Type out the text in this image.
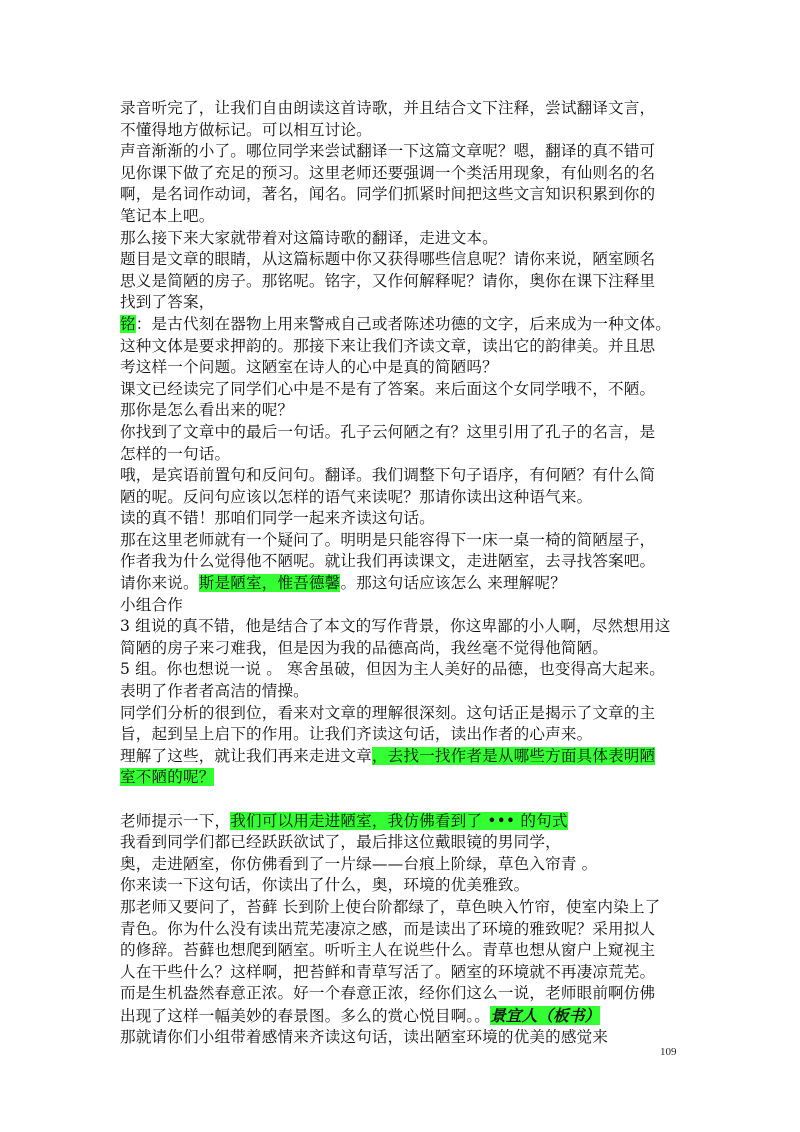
录音听完了，让我们自由朗读这首诗歌，并且结合文下注释，尝试翻译文言，
不懂得地方做标记。可以相互讨论。
声音渐渐的小了。哪位同学来尝试翻译一下这篇文章呢？嗯，翻译的真不错可
见你课下做了充足的预习。这里老师还要强调一个类活用现象，有仙则名的名
啊，是名词作动词，著名，闻名。同学们抓紧时间把这些文言知识积累到你的
笔记本上吧。
那么接下来大家就带着对这篇诗歌的翻译，走进文本。
题目是文章的眼睛，从这篇标题中你又获得哪些信息呢？请你来说，陋室顾名
思义是简陋的房子。那铭呢。铭字，又作何解释呢？请你，奥你在课下注释里
找到了答案，
铭：是古代刻在器物上用来警戒自己或者陈述功德的文字，后来成为一种文体。
这种文体是要求押韵的。那接下来让我们齐读文章，读出它的韵律美。并且思
考这样一个问题。这陋室在诗人的心中是真的简陋吗？
课文已经读完了同学们心中是不是有了答案。来后面这个女同学哦不，不陋。
那你是怎么看出来的呢？
你找到了文章中的最后一句话。孔子云何陋之有？这里引用了孔子的名言，是
怎样的一句话。
哦，是宾语前置句和反问句。翻译。我们调整下句子语序，有何陋？有什么简
陋的呢。反问句应该以怎样的语气来读呢？那请你读出这种语气来。
读的真不错！那咱们同学一起来齐读这句话。
那在这里老师就有一个疑问了。明明是只能容得下一床一桌一椅的简陋屋子，
作者我为什么觉得他不陋呢。就让我们再读课文，走进陋室，去寻找答案吧。
请你来说。斯是陋室，惟吾德馨。那这句话应该怎么 来理解呢？
小组合作
3 组说的真不错，他是结合了本文的写作背景，你这卑鄙的小人啊，尽然想用这
简陋的房子来刁难我，但是因为我的品德高尚，我丝毫不觉得他简陋。
5 组。你也想说一说 。 寒舍虽破，但因为主人美好的品德，也变得高大起来。
表明了作者者高洁的情操。
同学们分析的很到位，看来对文章的理解很深刻。这句话正是揭示了文章的主
旨，起到呈上启下的作用。让我们齐读这句话，读出作者的心声来。
理解了这些，就让我们再来走进文章，去找一找作者是从哪些方面具体表明陋
室不陋的呢？
老师提示一下，我们可以用走进陋室，我仿佛看到了 ••• 的句式
我看到同学们都已经跃跃欲试了，最后排这位戴眼镜的男同学，
奥，走进陋室，你仿佛看到了一片绿——台痕上阶绿，草色入帘青 。
你来读一下这句话，你读出了什么，奥，环境的优美雅致。
那老师又要问了，苔藓 长到阶上使台阶都绿了，草色映入竹帘，使室内染上了
青色。你为什么没有读出荒芜凄凉之感，而是读出了环境的雅致呢？采用拟人
的修辞。苔藓也想爬到陋室。听听主人在说些什么。青草也想从窗户上窥视主
人在干些什么？这样啊，把苔鲜和青草写活了。陋室的环境就不再凄凉荒芜。
而是生机盎然春意正浓。好一个春意正浓，经你们这么一说，老师眼前啊仿佛
出现了这样一幅美妙的春景图。多么的赏心悦目啊。。景宜人（板书）
那就请你们小组带着感情来齐读这句话，读出陋室环境的优美的感觉来
109
